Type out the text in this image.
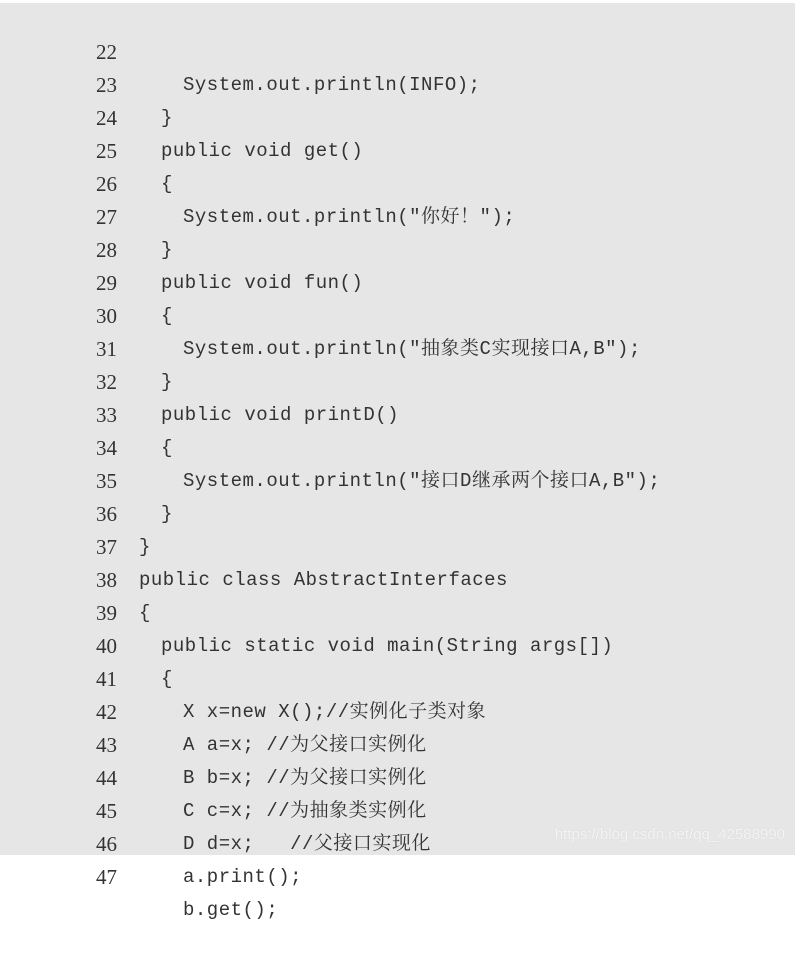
22

System.out.println(INFO);

23

}

24

public void get()

25

{

26

System.out.println("你好！");

27

}

28

public void fun()

29

{

30

System.out.println("抽象类C实现接口A,B");

31

}

32

public void printD()

33

{

34

System.out.println("接口D继承两个接口A,B");

35

}

36

}

37

public class AbstractInterfaces

38

{

39

public static void main(String args[])

40

{

41

X x=new X();//实例化子类对象

42

A a=x; //为父接口实例化

43

B b=x; //为父接口实例化

44

C c=x; //为抽象类实例化

45

D d=x;   //父接口实现化

46

a.print();

47

b.get();

https://blog.csdn.net/qq_42588990
